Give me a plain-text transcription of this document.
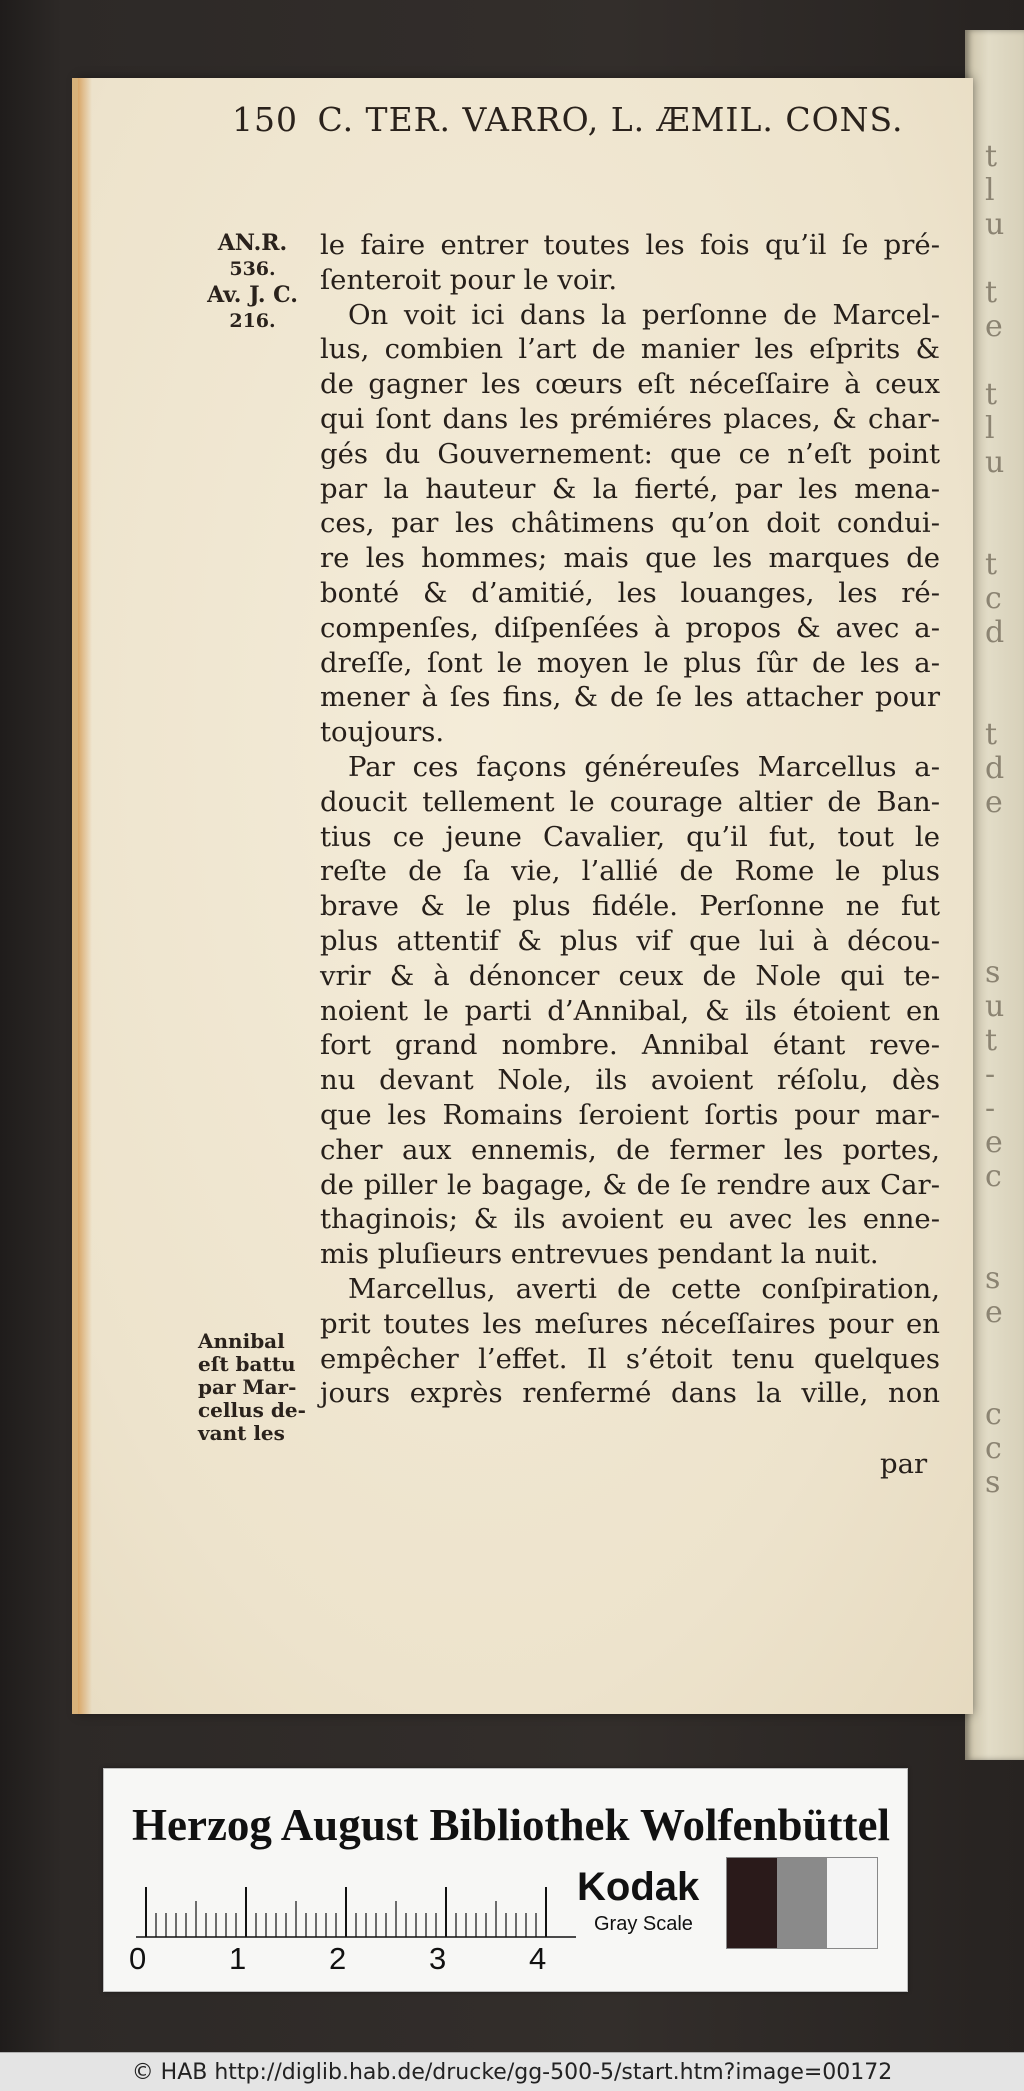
t
l
u

t
e

t
l
u

t
c
d

t
d
e

s
u
t
-
-
e
c

s
e

c
c
s
150 C. TER. VARRO, L. ÆMIL. CONS.
AN.R.
536.
Av. J. C.
216.
Annibal
eſt battu
par Mar-
cellus de-
vant les

le faire entrer toutes les fois qu’il ſe pré-
ſenteroit pour le voir.

On voit ici dans la perſonne de Marcel-
lus, combien l’art de manier les eſprits &
de gagner les cœurs eſt néceſſaire à ceux
qui ſont dans les prémiéres places, & char-
gés du Gouvernement: que ce n’eſt point
par la hauteur & la fierté, par les mena-
ces, par les châtimens qu’on doit condui-
re les hommes; mais que les marques de
bonté & d’amitié, les louanges, les ré-
compenſes, diſpenſées à propos & avec a-
dreſſe, ſont le moyen le plus ſûr de les a-
mener à ſes fins, & de ſe les attacher pour
toujours.

Par ces façons généreuſes Marcellus a-
doucit tellement le courage altier de Ban-
tius ce jeune Cavalier, qu’il fut, tout le
reſte de ſa vie, l’allié de Rome le plus
brave & le plus fidéle. Perſonne ne fut
plus attentif & plus vif que lui à décou-
vrir & à dénoncer ceux de Nole qui te-
noient le parti d’Annibal, & ils étoient en
fort grand nombre. Annibal étant reve-
nu devant Nole, ils avoient réſolu, dès
que les Romains ſeroient ſortis pour mar-
cher aux ennemis, de fermer les portes,
de piller le bagage, & de ſe rendre aux Car-
thaginois; & ils avoient eu avec les enne-
mis pluſieurs entrevues pendant la nuit.

Marcellus, averti de cette conſpiration,
prit toutes les meſures néceſſaires pour en
empêcher l’effet. Il s’étoit tenu quelques
jours exprès renfermé dans la ville, non

par
Herzog August Bibliothek Wolfenbüttel
0	1	2	3	4
Kodak
Gray Scale
© HAB http://diglib.hab.de/drucke/gg-500-5/start.htm?image=00172
